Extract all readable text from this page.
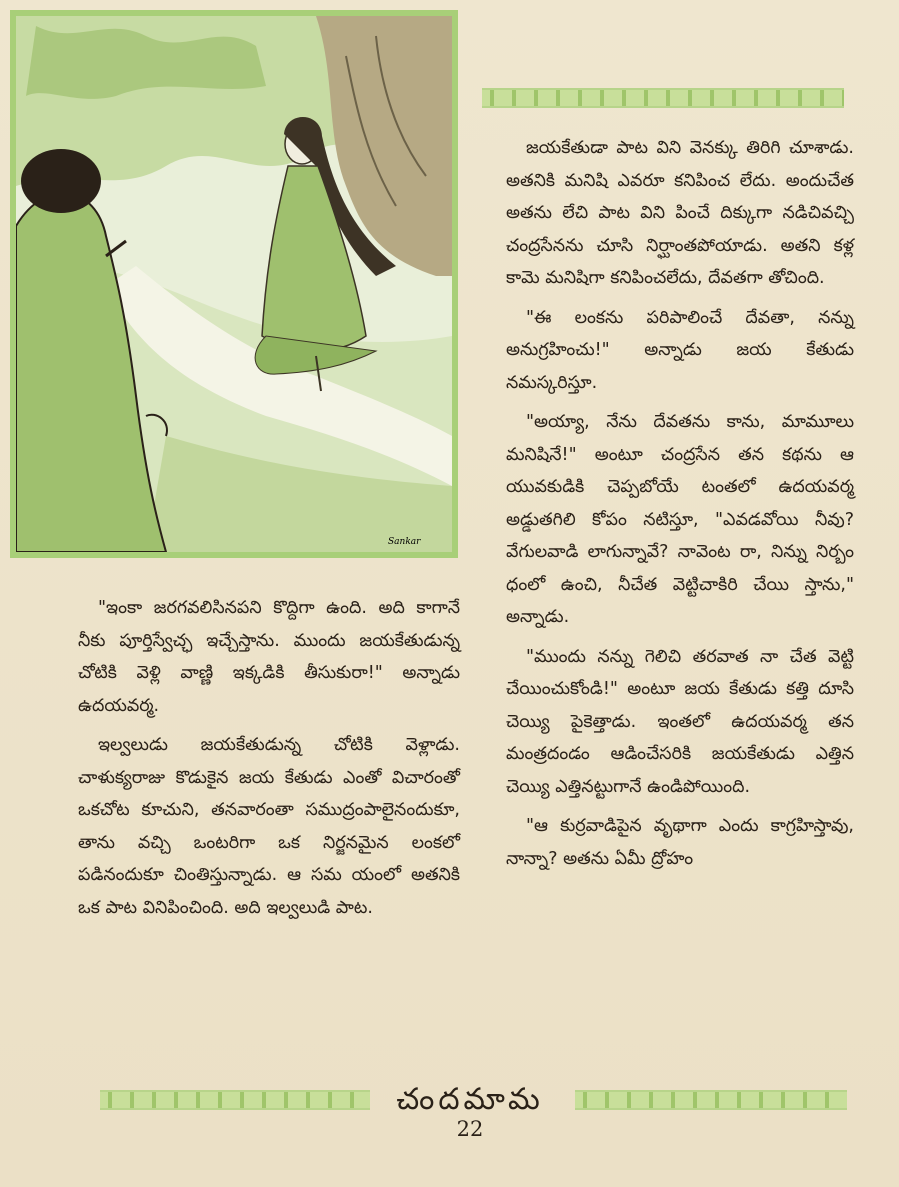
Sankar

జయకేతుడా పాట విని వెనక్కు తిరిగి చూశాడు. అతనికి మనిషి ఎవరూ కనిపించ లేదు. అందుచేత అతను లేచి పాట విని పించే దిక్కుగా నడిచివచ్చి చంద్రసేనను చూసి నిర్ఘాంతపోయాడు. అతని కళ్ల కామె మనిషిగా కనిపించలేదు, దేవతగా తోచింది.

"ఈ లంకను పరిపాలించే దేవతా, నన్ను అనుగ్రహించు!" అన్నాడు జయ కేతుడు నమస్కరిస్తూ.

"అయ్యా, నేను దేవతను కాను, మామూలు మనిషినే!" అంటూ చంద్రసేన తన కథను ఆ యువకుడికి చెప్పబోయే టంతలో ఉదయవర్మ అడ్డుతగిలి కోపం నటిస్తూ, "ఎవడవోయి నీవు? వేగులవాడి లాగున్నావే? నావెంట రా, నిన్ను నిర్బం ధంలో ఉంచి, నీచేత వెట్టిచాకిరి చేయి స్తాను," అన్నాడు.

"ముందు నన్ను గెలిచి తరవాత నా చేత వెట్టి చేయించుకోండి!" అంటూ జయ కేతుడు కత్తి దూసి చెయ్యి పైకెత్తాడు. ఇంతలో ఉదయవర్మ తన మంత్రదండం ఆడించేసరికి జయకేతుడు ఎత్తిన చెయ్యి ఎత్తినట్టుగానే ఉండిపోయింది.

"ఆ కుర్రవాడిపైన వృథాగా ఎందు కాగ్రహిస్తావు, నాన్నా? అతను ఏమీ ద్రోహం

"ఇంకా జరగవలిసినపని కొద్దిగా ఉంది. అది కాగానే నీకు పూర్తిస్వేచ్ఛ ఇచ్చేస్తాను. ముందు జయకేతుడున్న చోటికి వెళ్లి వాణ్ణి ఇక్కడికి తీసుకురా!" అన్నాడు ఉదయవర్మ.

ఇల్వలుడు జయకేతుడున్న చోటికి వెళ్లాడు. చాళుక్యరాజు కొడుకైన జయ కేతుడు ఎంతో విచారంతో ఒకచోట కూచుని, తనవారంతా సముద్రంపాలైనందుకూ, తాను వచ్చి ఒంటరిగా ఒక నిర్జనమైన లంకలో పడినందుకూ చింతిస్తున్నాడు. ఆ సమ యంలో అతనికి ఒక పాట వినిపించింది. అది ఇల్వలుడి పాట.

చందమామ
22
